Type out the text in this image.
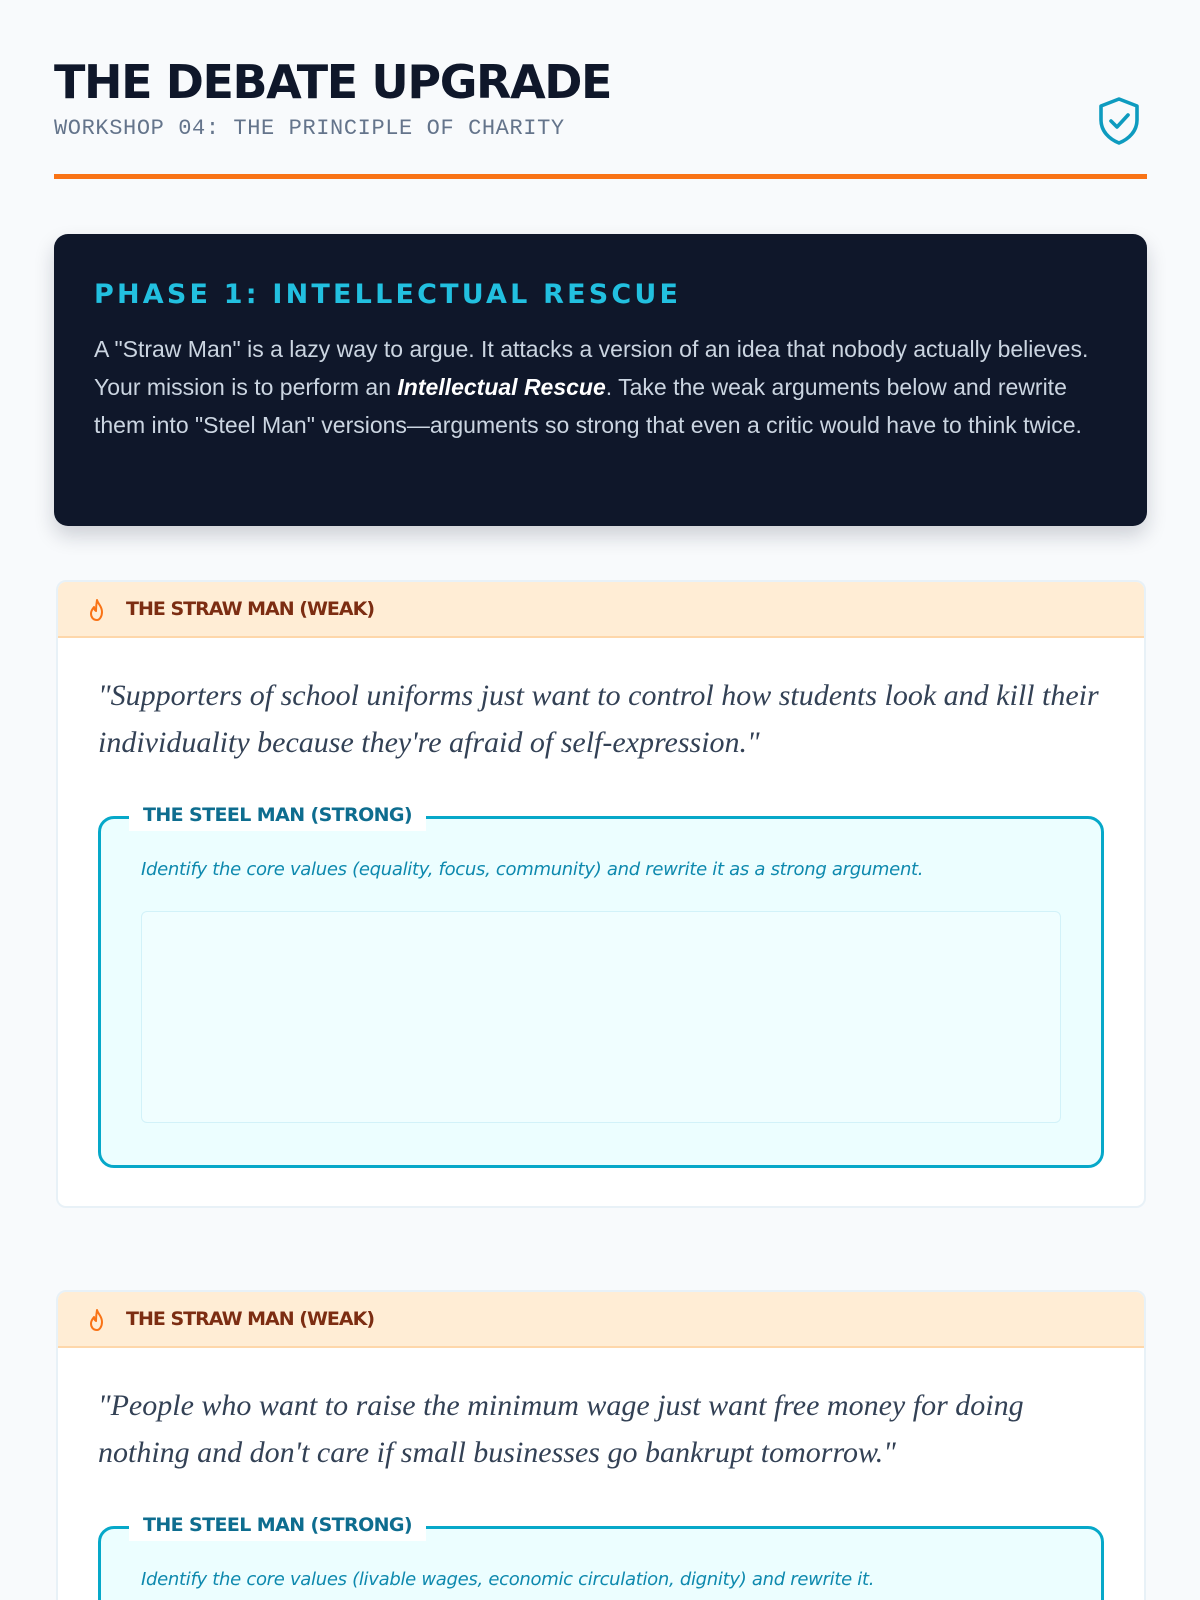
THE DEBATE UPGRADE
WORKSHOP 04: THE PRINCIPLE OF CHARITY
PHASE 1: INTELLECTUAL RESCUE

A "Straw Man" is a lazy way to argue. It attacks a version of an idea that nobody actually believes. Your mission is to perform an Intellectual Rescue. Take the weak arguments below and rewrite them into "Steel Man" versions—arguments so strong that even a critic would have to think twice.

THE STRAW MAN (WEAK)

"Supporters of school uniforms just want to control how students look and kill their individuality because they're afraid of self-expression."

THE STEEL MAN (STRONG)
Identify the core values (equality, focus, community) and rewrite it as a strong argument.
THE STRAW MAN (WEAK)

"People who want to raise the minimum wage just want free money for doing nothing and don't care if small businesses go bankrupt tomorrow."

THE STEEL MAN (STRONG)
Identify the core values (livable wages, economic circulation, dignity) and rewrite it.
